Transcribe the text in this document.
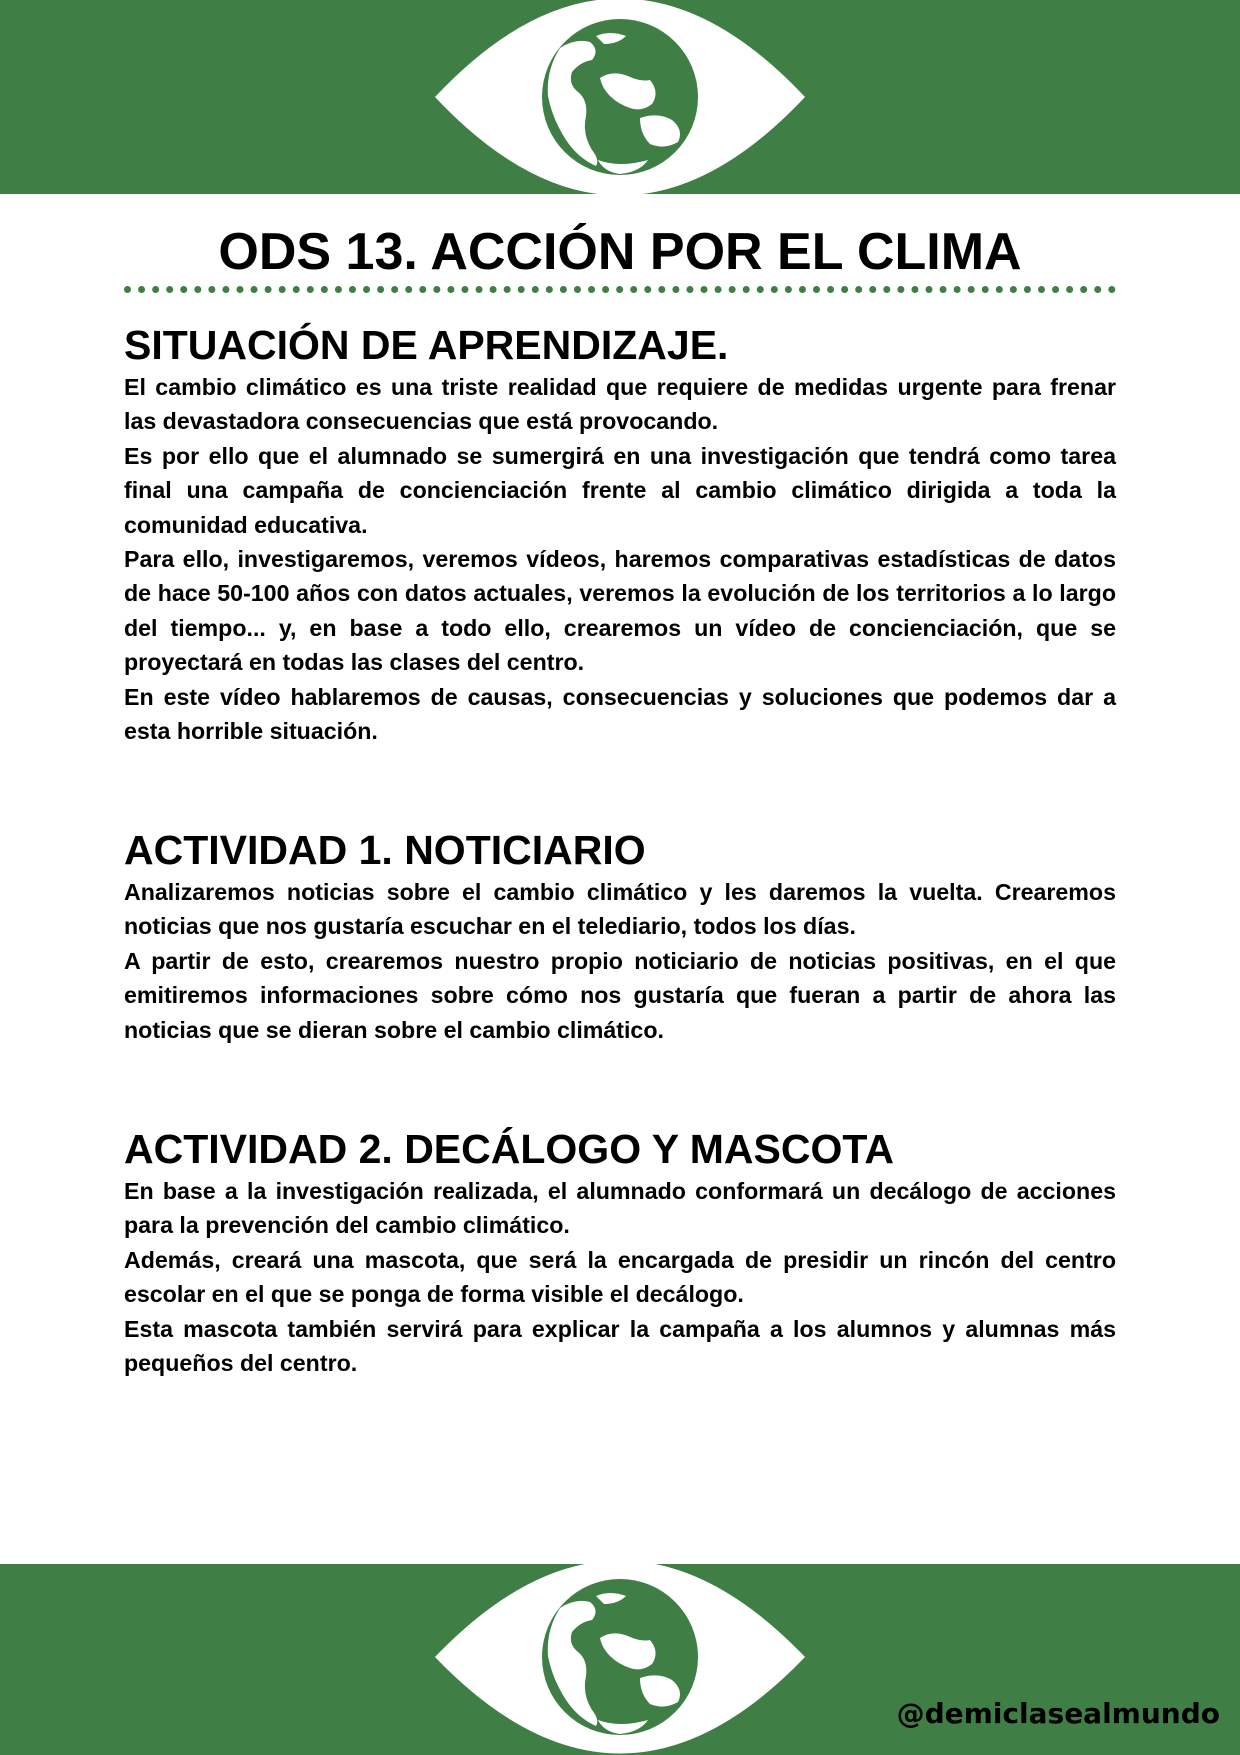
ODS 13. ACCIÓN POR EL CLIMA
SITUACIÓN DE APRENDIZAJE.

El cambio climático es una triste realidad que requiere de medidas urgente para frenar las devastadora consecuencias que está provocando.

Es por ello que el alumnado se sumergirá en una investigación que tendrá como tarea final una campaña de concienciación frente al cambio climático dirigida a toda la comunidad educativa.

Para ello, investigaremos, veremos vídeos, haremos comparativas estadísticas de datos de hace 50-100 años con datos actuales, veremos la evolución de los territorios a lo largo del tiempo... y, en base a todo ello, crearemos un vídeo de concienciación, que se proyectará en todas las clases del centro.

En este vídeo hablaremos de causas, consecuencias y soluciones que podemos dar a esta horrible situación.

ACTIVIDAD 1. NOTICIARIO

Analizaremos noticias sobre el cambio climático y les daremos la vuelta. Crearemos noticias que nos gustaría escuchar en el telediario, todos los días.

A partir de esto, crearemos nuestro propio noticiario de noticias positivas, en el que emitiremos informaciones sobre cómo nos gustaría que fueran a partir de ahora las noticias que se dieran sobre el cambio climático.

ACTIVIDAD 2. DECÁLOGO Y MASCOTA

En base a la investigación realizada, el alumnado conformará un decálogo de acciones para la prevención del cambio climático.

Además, creará una mascota, que será la encargada de presidir un rincón del centro escolar en el que se ponga de forma visible el decálogo.

Esta mascota también servirá para explicar la campaña a los alumnos y alumnas más pequeños del centro.

@demiclasealmundo
